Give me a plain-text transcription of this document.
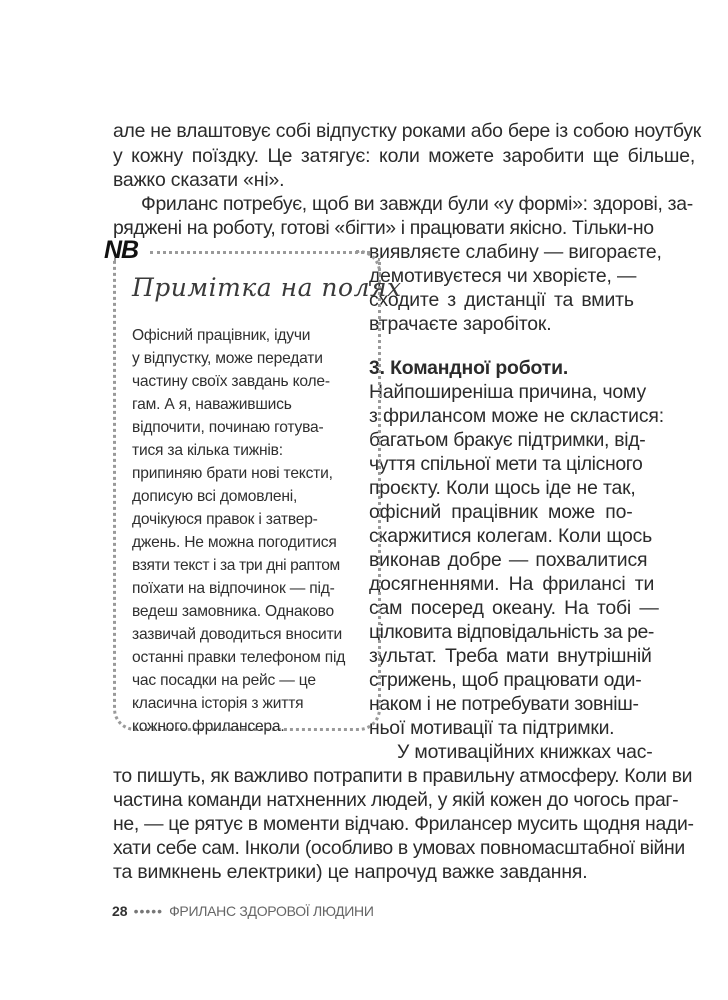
але не влаштовує собі відпустку роками або бере із собою ноутбук

у кожну поїздку. Це затягує: коли можете заробити ще більше,

важко сказати «ні».

Фриланс потребує, щоб ви завжди були «у формі»: здорові, за-

ряджені на роботу, готові «бігти» і працювати якісно. Тільки-но

виявляєте слабину — вигораєте,

демотивуєтеся чи хворієте, —

сходите з дистанції та вмить

втрачаєте заробіток.

3. Командної роботи.

Найпоширеніша причина, чому

з фрилансом може не скластися:

багатьом бракує підтримки, від-

чуття спільної мети та цілісного

проєкту. Коли щось іде не так,

офісний працівник може по-

скаржитися колегам. Коли щось

виконав добре — похвалитися

досягненнями. На фрилансі ти

сам посеред океану. На тобі —

цілковита відповідальність за ре-

зультат. Треба мати внутрішній

стрижень, щоб працювати оди-

наком і не потребувати зовніш-

ньої мотивації та підтримки.

У мотиваційних книжках час-

то пишуть, як важливо потрапити в правильну атмосферу. Коли ви

частина команди натхненних людей, у якій кожен до чогось праг-

не, — це рятує в моменти відчаю. Фрилансер мусить щодня нади-

хати себе сам. Інколи (особливо в умовах повномасштабної війни

та вимкнень електрики) це напрочуд важке завдання.

NB

Примітка на полях

Офісний працівник, ідучи

у відпустку, може передати

частину своїх завдань коле-

гам. А я, наважившись

відпочити, починаю готува-

тися за кілька тижнів:

припиняю брати нові тексти,

дописую всі домовлені,

дочікуюся правок і затвер-

джень. Не можна погодитися

взяти текст і за три дні раптом

поїхати на відпочинок — під-

ведеш замовника. Однаково

зазвичай доводиться вносити

останні правки телефоном під

час посадки на рейс — це

класична історія з життя

кожного фрилансера.

28 ••••• ФРИЛАНС ЗДОРОВОЇ ЛЮДИНИ
